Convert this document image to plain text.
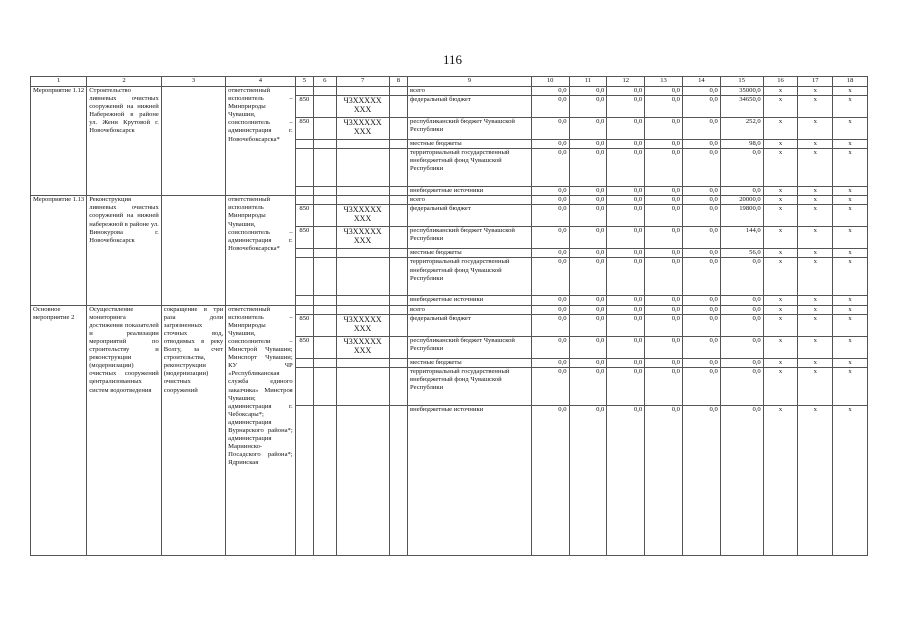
116
1	2	3	4	5	6	7	8	9	10	11	12	13	14	15	16	17	18
Мероприятие 1.12	Строительство ливневых очистных сооружений на нижней Набережной в районе ул. Жени Крутовой г. Новочебоксарск		ответственный исполнитель – Минприроды Чувашии, соисполнитель – администрация г. Новочебоксарска*					всего	0,0	0,0	0,0	0,0	0,0	35000,0	x	x	x
				850		Ч3ХXXXX XXX		федеральный бюджет	0,0	0,0	0,0	0,0	0,0	34650,0	x	x	x
				850		Ч3ХXXXX XXX		республиканский бюджет Чувашской Республики	0,0	0,0	0,0	0,0	0,0	252,0	x	x	x
								местные бюджеты	0,0	0,0	0,0	0,0	0,0	98,0	x	x	x
								территориальный государственный внебюджетный фонд Чувашской Республики	0,0	0,0	0,0	0,0	0,0	0,0	x	x	x
								внебюджетные источники	0,0	0,0	0,0	0,0	0,0	0,0	x	x	x
Мероприятие 1.13	Реконструкция ливневых очистных сооружений на нижней набережной в районе ул. Винокурова г. Новочебоксарск		ответственный исполнитель Минприроды Чувашии, соисполнитель – администрация г. Новочебоксарска*					всего	0,0	0,0	0,0	0,0	0,0	20000,0	x	x	x
				850		Ч3ХXXXX XXX		федеральный бюджет	0,0	0,0	0,0	0,0	0,0	19800,0	x	x	x
				850		Ч3ХXXXX XXX		республиканский бюджет Чувашской Республики	0,0	0,0	0,0	0,0	0,0	144,0	x	x	x
								местные бюджеты	0,0	0,0	0,0	0,0	0,0	56,0	x	x	x
								территориальный государственный внебюджетный фонд Чувашской Республики	0,0	0,0	0,0	0,0	0,0	0,0	x	x	x
								внебюджетные источники	0,0	0,0	0,0	0,0	0,0	0,0	x	x	x
Основное мероприятие 2	Осуществление мониторинга достижения показателей и реализации мероприятий по строительству и реконструкции (модернизации) очистных сооружений централизованных систем водоотведения	сокращение в три раза доли загрязненных сточных вод, отводимых в реку Волгу, за счет строительства, реконструкции (модернизации) очистных сооружений	ответственный исполнитель – Минприроды Чувашии, соисполнители – Минстрой Чувашии; Минспорт Чувашии; КУ ЧР «Республиканская служба единого заказчика» Минстроя Чувашии; администрация г. Чебоксары*; администрация Вурнарского района*; администрация Мариинско-Посадского района*; Ядринская					всего	0,0	0,0	0,0	0,0	0,0	0,0	x	x	x
				850		Ч3ХXXXX XXX		федеральный бюджет	0,0	0,0	0,0	0,0	0,0	0,0	x	x	x
				850		Ч3ХXXXX XXX		республиканский бюджет Чувашской Республики	0,0	0,0	0,0	0,0	0,0	0,0	x	x	x
								местные бюджеты	0,0	0,0	0,0	0,0	0,0	0,0	x	x	x
								территориальный государственный внебюджетный фонд Чувашской Республики	0,0	0,0	0,0	0,0	0,0	0,0	x	x	x
								внебюджетные источники	0,0	0,0	0,0	0,0	0,0	0,0	x	x	x
